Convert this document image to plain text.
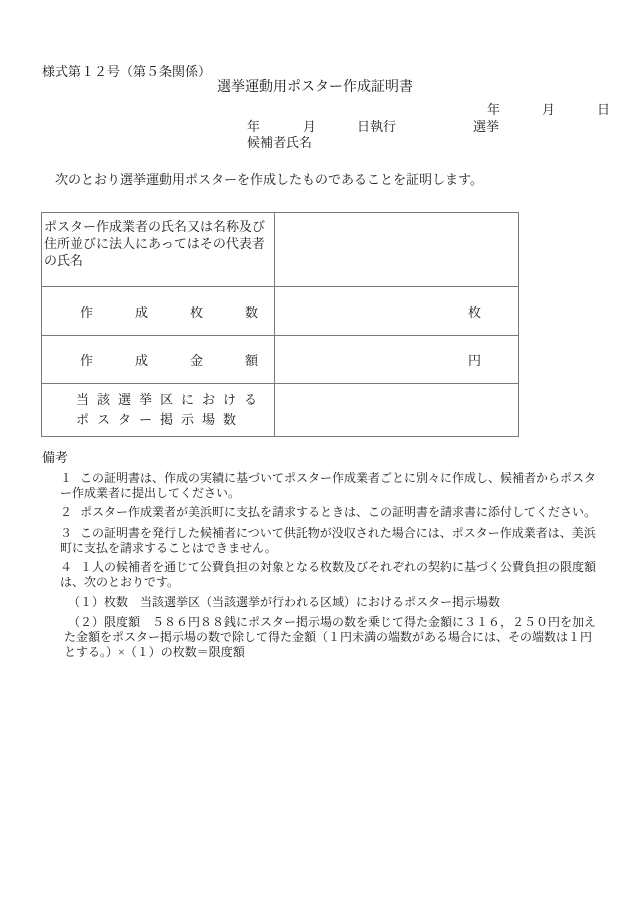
様式第１２号（第５条関係）
選挙運動用ポスター作成証明書
年	月	日
年	月	日執行	選挙
候補者氏名
次のとおり選挙運動用ポスターを作成したものであることを証明します。
ポスター作成業者の氏名又は名称及び
住所並びに法人にあってはその代表者
の氏名	

作成枚数	枚
作成金額	円

当該選挙区における
ポスター掲示場数	

備考
１ この証明書は、作成の実績に基づいてポスター作成業者ごとに別々に作成し、候補者からポスタ
ー作成業者に提出してください。
２ ポスター作成業者が美浜町に支払を請求するときは、この証明書を請求書に添付してください。
３ この証明書を発行した候補者について供託物が没収された場合には、ポスター作成業者は、美浜
町に支払を請求することはできません。
４ １人の候補者を通じて公費負担の対象となる枚数及びそれぞれの契約に基づく公費負担の限度額
は、次のとおりです。
（１）枚数　当該選挙区（当該選挙が行われる区域）におけるポスター掲示場数
（２）限度額　５８６円８８銭にポスター掲示場の数を乗じて得た金額に３１６，２５０円を加え
た金額をポスター掲示場の数で除して得た金額（１円未満の端数がある場合には、その端数は１円
とする。）×（１）の枚数＝限度額
